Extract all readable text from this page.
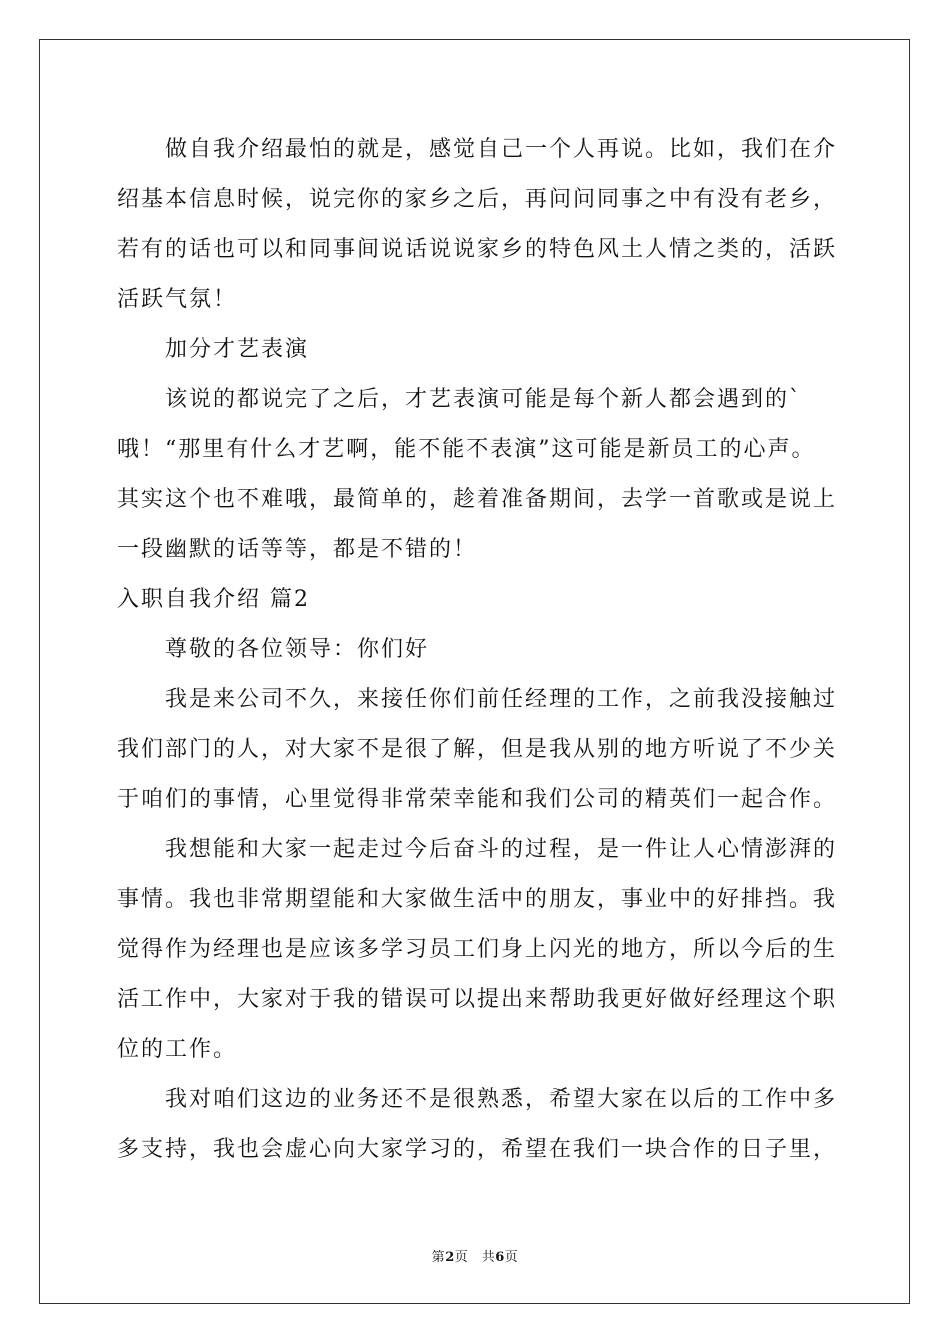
做自我介绍最怕的就是，感觉自己一个人再说。比如，我们在介绍基本信息时候，说完你的家乡之后，再问问同事之中有没有老乡，若有的话也可以和同事间说话说说家乡的特色风土人情之类的，活跃活跃气氛！

加分才艺表演

该说的都说完了之后，才艺表演可能是每个新人都会遇到的`哦！“那里有什么才艺啊，能不能不表演”这可能是新员工的心声。其实这个也不难哦，最简单的，趁着准备期间，去学一首歌或是说上一段幽默的话等等，都是不错的！

入职自我介绍 篇2

尊敬的各位领导：你们好

我是来公司不久，来接任你们前任经理的工作，之前我没接触过我们部门的人，对大家不是很了解，但是我从别的地方听说了不少关于咱们的事情，心里觉得非常荣幸能和我们公司的精英们一起合作。

我想能和大家一起走过今后奋斗的过程，是一件让人心情澎湃的事情。我也非常期望能和大家做生活中的朋友，事业中的好排挡。我觉得作为经理也是应该多学习员工们身上闪光的地方，所以今后的生活工作中，大家对于我的错误可以提出来帮助我更好做好经理这个职位的工作。

我对咱们这边的业务还不是很熟悉，希望大家在以后的工作中多多支持，我也会虚心向大家学习的，希望在我们一块合作的日子里，

第2页　共6页
